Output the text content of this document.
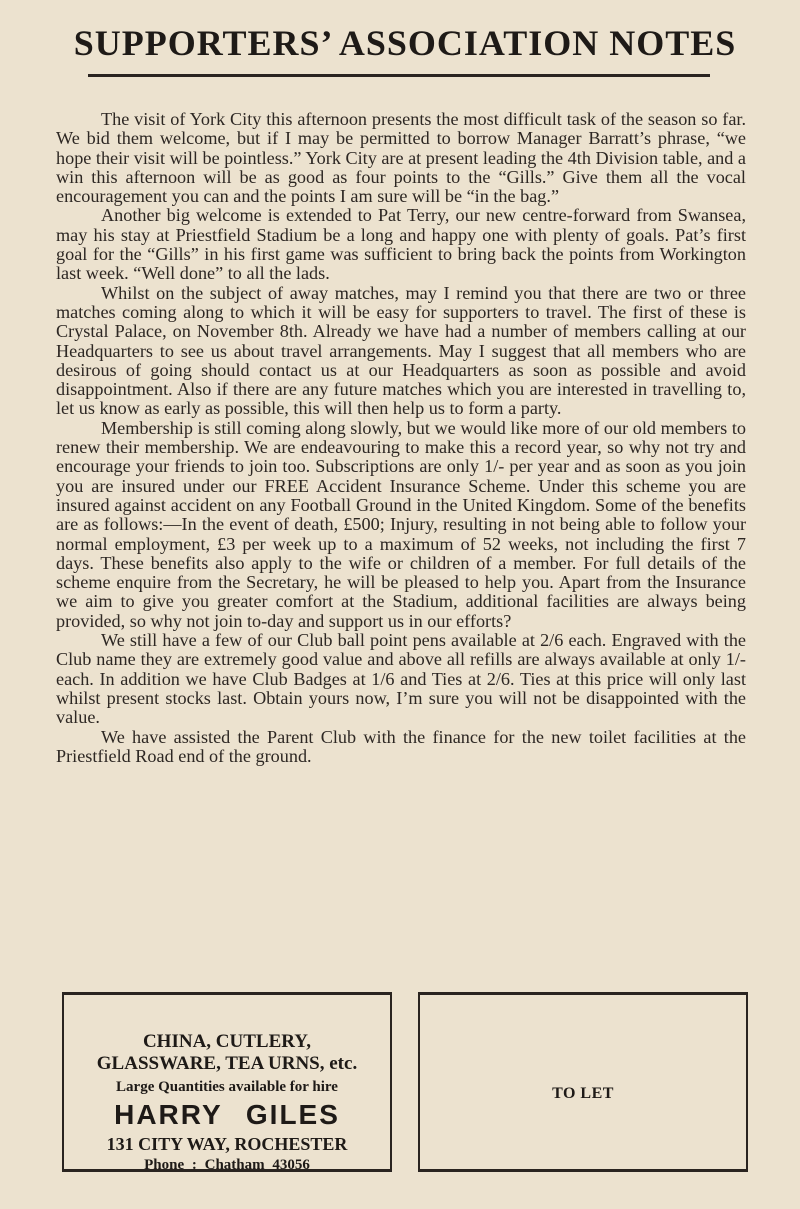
SUPPORTERS’ ASSOCIATION NOTES

The visit of York City this afternoon presents the most difficult task of the season so far. We bid them welcome, but if I may be permitted to borrow Manager Barratt’s phrase, “we hope their visit will be pointless.” York City are at present leading the 4th Division table, and a win this afternoon will be as good as four points to the “Gills.” Give them all the vocal encouragement you can and the points I am sure will be “in the bag.”

Another big welcome is extended to Pat Terry, our new centre-forward from Swansea, may his stay at Priestfield Stadium be a long and happy one with plenty of goals. Pat’s first goal for the “Gills” in his first game was sufficient to bring back the points from Workington last week. “Well done” to all the lads.

Whilst on the subject of away matches, may I remind you that there are two or three matches coming along to which it will be easy for supporters to travel. The first of these is Crystal Palace, on November 8th. Already we have had a number of members calling at our Headquarters to see us about travel arrangements. May I suggest that all members who are desirous of going should contact us at our Headquarters as soon as possible and avoid disappointment. Also if there are any future matches which you are interested in travelling to, let us know as early as possible, this will then help us to form a party.

Membership is still coming along slowly, but we would like more of our old members to renew their membership. We are endeavouring to make this a record year, so why not try and encourage your friends to join too. Subscriptions are only 1/- per year and as soon as you join you are insured under our FREE Accident Insurance Scheme. Under this scheme you are insured against accident on any Football Ground in the United Kingdom. Some of the benefits are as follows:—In the event of death, £500; Injury, resulting in not being able to follow your normal employment, £3 per week up to a maximum of 52 weeks, not including the first 7 days. These benefits also apply to the wife or children of a member. For full details of the scheme enquire from the Secretary, he will be pleased to help you. Apart from the Insurance we aim to give you greater comfort at the Stadium, additional facilities are always being provided, so why not join to-day and support us in our efforts?

We still have a few of our Club ball point pens available at 2/6 each. Engraved with the Club name they are extremely good value and above all refills are always available at only 1/- each. In addition we have Club Badges at 1/6 and Ties at 2/6. Ties at this price will only last whilst present stocks last. Obtain yours now, I’m sure you will not be disappointed with the value.

We have assisted the Parent Club with the finance for the new toilet facilities at the Priestfield Road end of the ground.

CHINA, CUTLERY,
GLASSWARE, TEA URNS, etc.
Large Quantities available for hire
HARRY GILES
131 CITY WAY, ROCHESTER
Phone : Chatham 43056
TO LET
